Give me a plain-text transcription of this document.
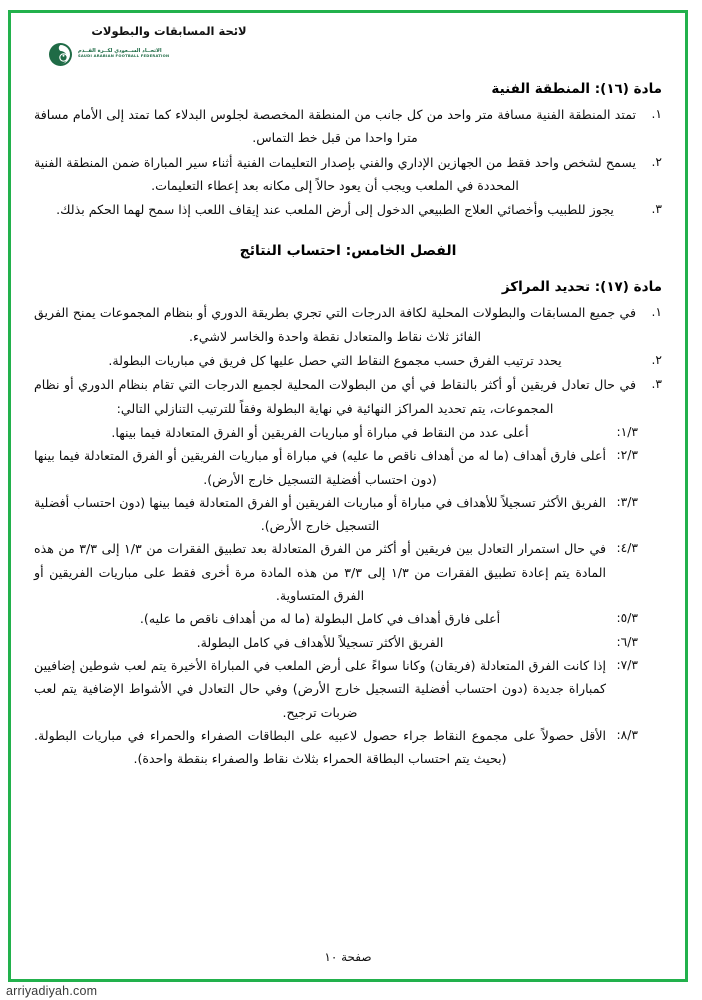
لائحة المسابقات والبطولات
الاتحــاد الســعودي لكــرة القــدم
SAUDI ARABIAN FOOTBALL FEDERATION
مادة (١٦): المنطقة الفنية
١.
تمتد المنطقة الفنية مسافة متر واحد من كل جانب من المنطقة المخصصة لجلوس البدلاء كما تمتد إلى الأمام مسافة مترا واحدا من قبل خط التماس.
٢.
يسمح لشخص واحد فقط من الجهازين الإداري والفني بإصدار التعليمات الفنية أثناء سير المباراة ضمن المنطقة الفنية المحددة في الملعب ويجب أن يعود حالاً إلى مكانه بعد إعطاء التعليمات.
٣.
يجوز للطبيب وأخصائي العلاج الطبيعي الدخول إلى أرض الملعب عند إيقاف اللعب إذا سمح لهما الحكم بذلك.
الفصل الخامس: احتساب النتائج
مادة (١٧): تحديد المراكز
١.
في جميع المسابقات والبطولات المحلية لكافة الدرجات التي تجري بطريقة الدوري أو بنظام المجموعات يمنح الفريق الفائز ثلاث نقاط والمتعادل نقطة واحدة والخاسر لاشيء.
٢.
يحدد ترتيب الفرق حسب مجموع النقاط التي حصل عليها كل فريق في مباريات البطولة.
٣.
في حال تعادل فريقين أو أكثر بالنقاط في أي من البطولات المحلية لجميع الدرجات التي تقام بنظام الدوري أو نظام المجموعات، يتم تحديد المراكز النهائية في نهاية البطولة وفقاً للترتيب التنازلي التالي:
١/٣:
أعلى عدد من النقاط في مباراة أو مباريات الفريقين أو الفرق المتعادلة فيما بينها.
٢/٣:
أعلى فارق أهداف (ما له من أهداف ناقص ما عليه) في مباراة أو مباريات الفريقين أو الفرق المتعادلة فيما بينها (دون احتساب أفضلية التسجيل خارج الأرض).
٣/٣:
الفريق الأكثر تسجيلاً للأهداف في مباراة أو مباريات الفريقين أو الفرق المتعادلة فيما بينها (دون احتساب أفضلية التسجيل خارج الأرض).
٤/٣:
في حال استمرار التعادل بين فريقين أو أكثر من الفرق المتعادلة بعد تطبيق الفقرات من ١/٣ إلى ٣/٣ من هذه المادة يتم إعادة تطبيق الفقرات من ١/٣ إلى ٣/٣ من هذه المادة مرة أخرى فقط على مباريات الفريقين أو الفرق المتساوية.
٥/٣:
أعلى فارق أهداف في كامل البطولة (ما له من أهداف ناقص ما عليه).
٦/٣:
الفريق الأكثر تسجيلاً للأهداف في كامل البطولة.
٧/٣:
إذا كانت الفرق المتعادلة (فريقان) وكانا سواءً على أرض الملعب في المباراة الأخيرة يتم لعب شوطين إضافيين كمباراة جديدة (دون احتساب أفضلية التسجيل خارج الأرض) وفي حال التعادل في الأشواط الإضافية يتم لعب ضربات ترجيح.
٨/٣:
الأقل حصولاً على مجموع النقاط جراء حصول لاعبيه على البطاقات الصفراء والحمراء في مباريات البطولة. (بحيث يتم احتساب البطاقة الحمراء بثلاث نقاط والصفراء بنقطة واحدة).
صفحة ١٠
arriyadiyah.com
